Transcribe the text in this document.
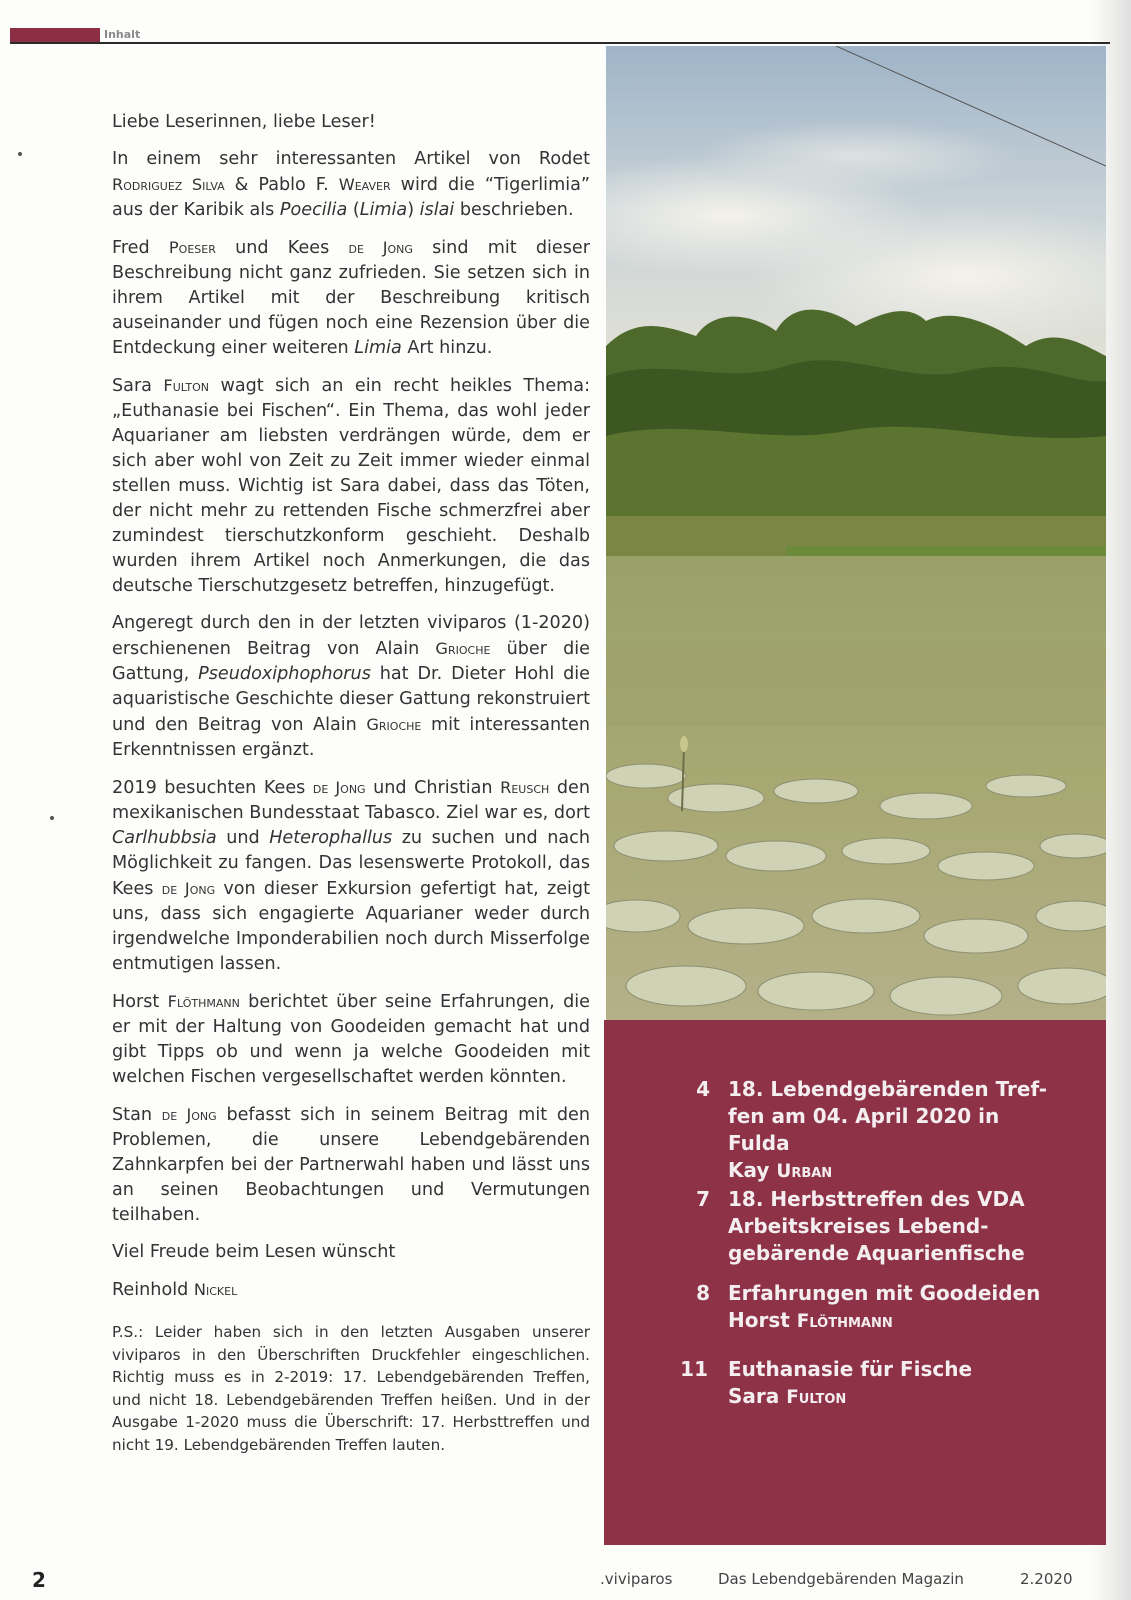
Inhalt

Liebe Leserinnen, liebe Leser!

In einem sehr interessanten Artikel von Rodet Rodriguez Silva & Pablo F. Weaver wird die “Tigerlimia” aus der Karibik als Poecilia (Limia) islai beschrieben.

Fred Poeser und Kees de Jong sind mit dieser Beschreibung nicht ganz zufrieden. Sie setzen sich in ihrem Artikel mit der Beschreibung kritisch auseinander und fügen noch eine Rezension über die Entdeckung einer weiteren Limia Art hinzu.

Sara Fulton wagt sich an ein recht heikles Thema: „Euthanasie bei Fischen“. Ein Thema, das wohl jeder Aquarianer am liebsten verdrängen würde, dem er sich aber wohl von Zeit zu Zeit immer wieder einmal stellen muss. Wichtig ist Sara dabei, dass das Töten, der nicht mehr zu rettenden Fische schmerzfrei aber zumindest tierschutzkonform geschieht. Deshalb wurden ihrem Artikel noch Anmerkungen, die das deutsche Tierschutzgesetz betreffen, hinzugefügt.

Angeregt durch den in der letzten viviparos (1-2020) erschienenen Beitrag von Alain Grioche über die Gattung, Pseudoxiphophorus hat Dr. Dieter Hohl die aquaristische Geschichte dieser Gattung rekonstruiert und den Beitrag von Alain Grioche mit interessanten Erkenntnissen ergänzt.

2019 besuchten Kees de Jong und Christian Reusch den mexikanischen Bundesstaat Tabasco. Ziel war es, dort Carlhubbsia und Heterophallus zu suchen und nach Möglichkeit zu fangen. Das lesenswerte Protokoll, das Kees de Jong von dieser Exkursion gefertigt hat, zeigt uns, dass sich engagierte Aquarianer weder durch irgendwelche Imponderabilien noch durch Misserfolge entmutigen lassen.

Horst Flöthmann berichtet über seine Erfahrungen, die er mit der Haltung von Goodeiden gemacht hat und gibt Tipps ob und wenn ja welche Goodeiden mit welchen Fischen vergesellschaftet werden könnten.

Stan de Jong befasst sich in seinem Beitrag mit den Problemen, die unsere Lebendgebärenden Zahnkarpfen bei der Partnerwahl haben und lässt uns an seinen Beobachtungen und Vermutungen teilhaben.

Viel Freude beim Lesen wünscht

Reinhold Nickel

P.S.: Leider haben sich in den letzten Ausgaben unserer viviparos in den Überschriften Druckfehler eingeschlichen. Richtig muss es in 2-2019: 17. Lebendgebärenden Treffen, und nicht 18. Lebendgebärenden Treffen heißen. Und in der Ausgabe 1-2020 muss die Überschrift: 17. Herbsttreffen und nicht 19. Lebendgebärenden Treffen lauten.

4 18. Lebendgebärenden Tref-
fen am 04. April 2020 in Fulda
Kay Urban
7 18. Herbsttreffen des VDA
Arbeitskreises Lebend-
gebärende Aquarienfische
8 Erfahrungen mit Goodeiden
Horst Flöthmann
11 Euthanasie für Fische
Sara Fulton
2	.viviparos	Das Lebendgebärenden Magazin	2.2020
